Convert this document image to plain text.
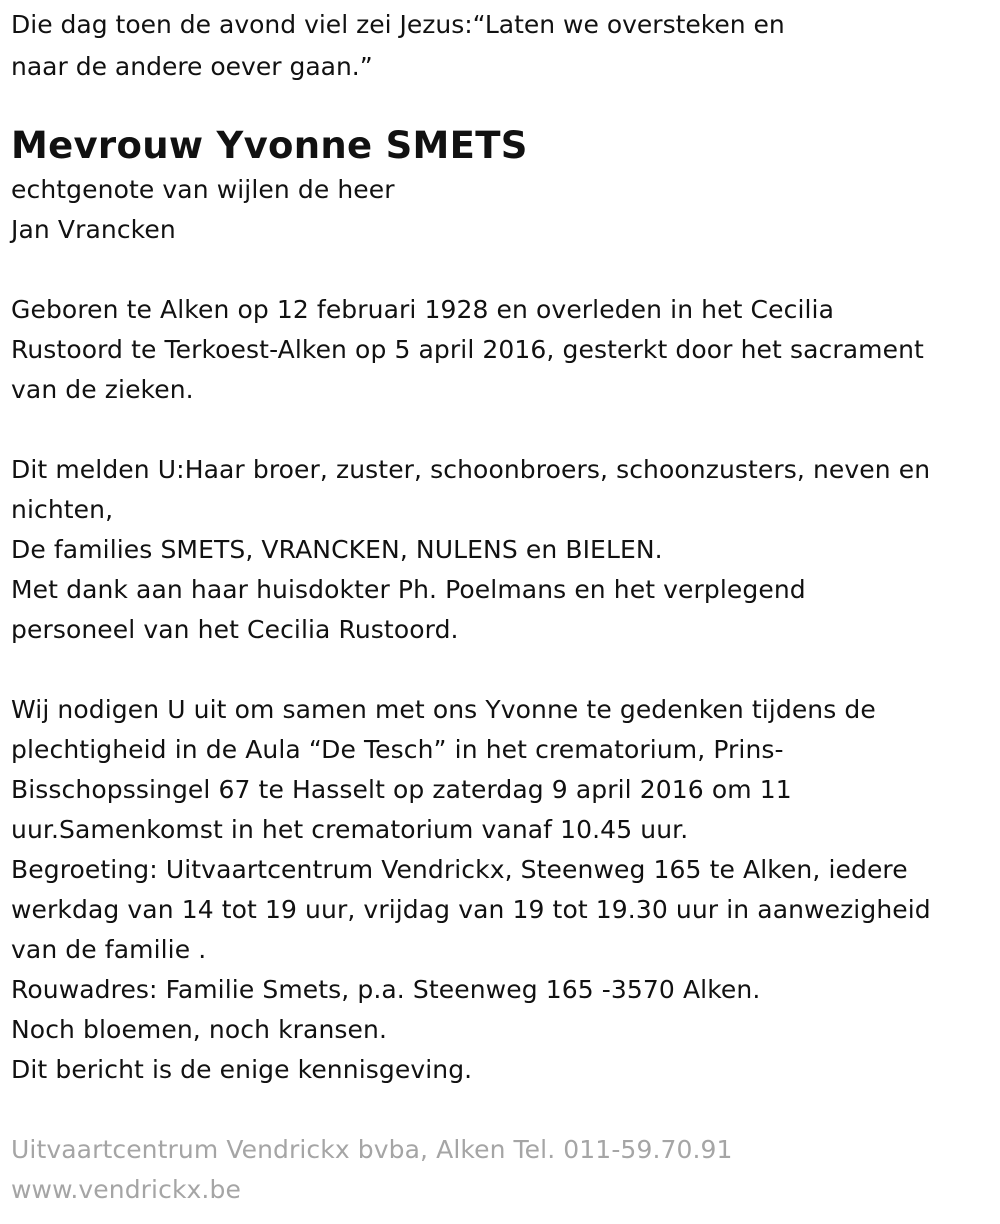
Die dag toen de avond viel zei Jezus:“Laten we oversteken en
naar de andere oever gaan.”
Mevrouw Yvonne SMETS
echtgenote van wijlen de heer
Jan Vrancken
Geboren te Alken op 12 februari 1928 en overleden in het Cecilia
Rustoord te Terkoest-Alken op 5 april 2016, gesterkt door het sacrament
van de zieken.
Dit melden U:Haar broer, zuster, schoonbroers, schoonzusters, neven en
nichten,
De families SMETS, VRANCKEN, NULENS en BIELEN.
Met dank aan haar huisdokter Ph. Poelmans en het verplegend
personeel van het Cecilia Rustoord.
Wij nodigen U uit om samen met ons Yvonne te gedenken tijdens de
plechtigheid in de Aula “De Tesch” in het crematorium, Prins-
Bisschopssingel 67 te Hasselt op zaterdag 9 april 2016 om 11
uur.Samenkomst in het crematorium vanaf 10.45 uur.
Begroeting: Uitvaartcentrum Vendrickx, Steenweg 165 te Alken, iedere
werkdag van 14 tot 19 uur, vrijdag van 19 tot 19.30 uur in aanwezigheid
van de familie .
Rouwadres: Familie Smets, p.a. Steenweg 165 -3570 Alken.
Noch bloemen, noch kransen.
Dit bericht is de enige kennisgeving.
Uitvaartcentrum Vendrickx bvba, Alken Tel. 011-59.70.91
www.vendrickx.be
